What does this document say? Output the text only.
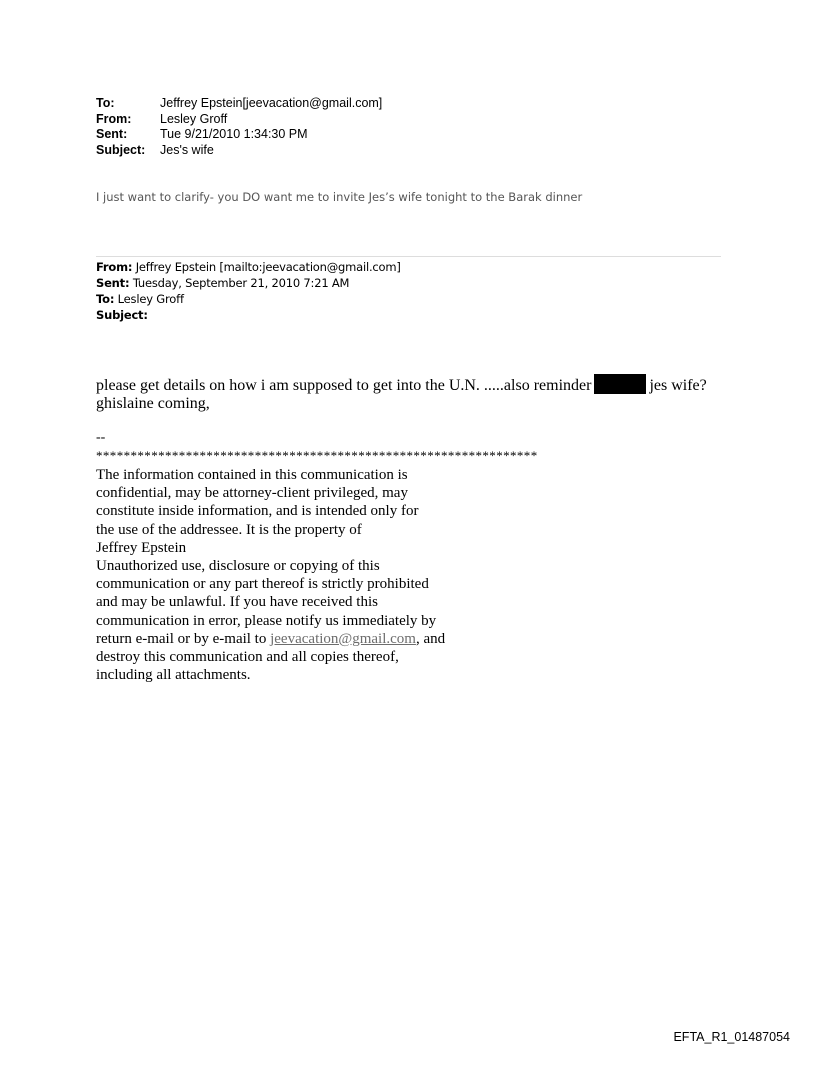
To:	Jeffrey Epstein[jeevacation@gmail.com]
From:	Lesley Groff
Sent:	Tue 9/21/2010 1:34:30 PM
Subject:	Jes's wife
I just want to clarify- you DO want me to invite Jes’s wife tonight to the Barak dinner
From: Jeffrey Epstein [mailto:jeevacation@gmail.com]
Sent: Tuesday, September 21, 2010 7:21 AM
To: Lesley Groff
Subject:
please get details on how i am supposed to get into the U.N. .....also reminder	jes wife?
ghislaine coming,
--
****************************************************************
The information contained in this communication is
confidential, may be attorney-client privileged, may
constitute inside information, and is intended only for
the use of the addressee. It is the property of
Jeffrey Epstein
Unauthorized use, disclosure or copying of this
communication or any part thereof is strictly prohibited
and may be unlawful. If you have received this
communication in error, please notify us immediately by
return e-mail or by e-mail to jeevacation@gmail.com, and
destroy this communication and all copies thereof,
including all attachments.
EFTA_R1_01487054
